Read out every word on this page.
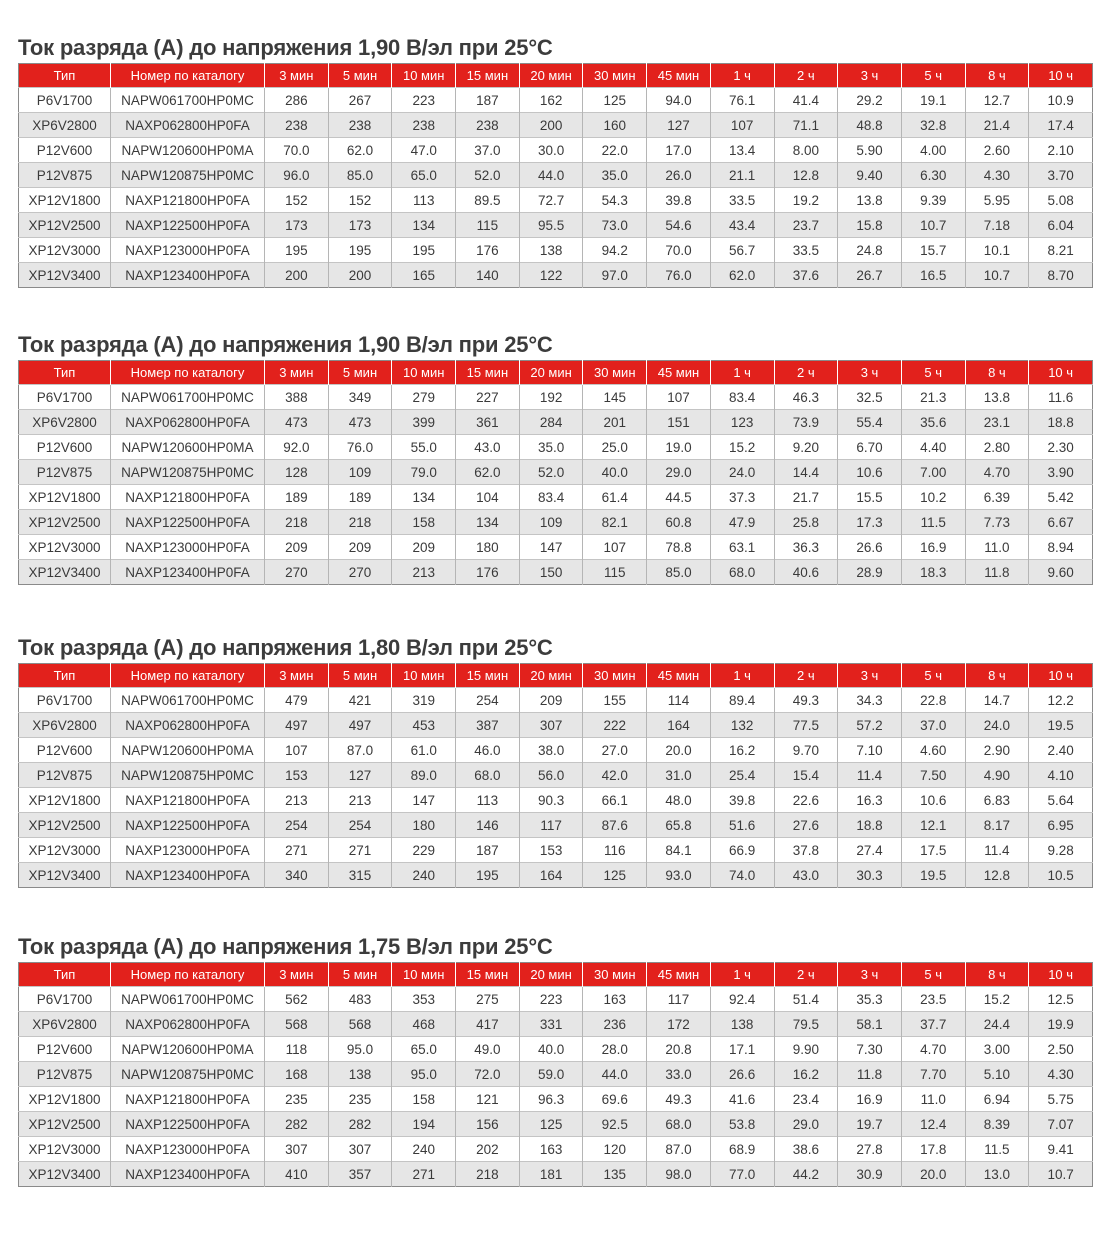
Ток разряда (А) до напряжения 1,90 В/эл при 25°С
Тип	Номер по каталогу	3 мин	5 мин	10 мин	15 мин	20 мин	30 мин	45 мин	1 ч	2 ч	3 ч	5 ч	8 ч	10 ч
P6V1700	NAPW061700HP0MC	286	267	223	187	162	125	94.0	76.1	41.4	29.2	19.1	12.7	10.9
XP6V2800	NAXP062800HP0FA	238	238	238	238	200	160	127	107	71.1	48.8	32.8	21.4	17.4
P12V600	NAPW120600HP0MA	70.0	62.0	47.0	37.0	30.0	22.0	17.0	13.4	8.00	5.90	4.00	2.60	2.10
P12V875	NAPW120875HP0MC	96.0	85.0	65.0	52.0	44.0	35.0	26.0	21.1	12.8	9.40	6.30	4.30	3.70
XP12V1800	NAXP121800HP0FA	152	152	113	89.5	72.7	54.3	39.8	33.5	19.2	13.8	9.39	5.95	5.08
XP12V2500	NAXP122500HP0FA	173	173	134	115	95.5	73.0	54.6	43.4	23.7	15.8	10.7	7.18	6.04
XP12V3000	NAXP123000HP0FA	195	195	195	176	138	94.2	70.0	56.7	33.5	24.8	15.7	10.1	8.21
XP12V3400	NAXP123400HP0FA	200	200	165	140	122	97.0	76.0	62.0	37.6	26.7	16.5	10.7	8.70
Ток разряда (А) до напряжения 1,90 В/эл при 25°С
Тип	Номер по каталогу	3 мин	5 мин	10 мин	15 мин	20 мин	30 мин	45 мин	1 ч	2 ч	3 ч	5 ч	8 ч	10 ч
P6V1700	NAPW061700HP0MC	388	349	279	227	192	145	107	83.4	46.3	32.5	21.3	13.8	11.6
XP6V2800	NAXP062800HP0FA	473	473	399	361	284	201	151	123	73.9	55.4	35.6	23.1	18.8
P12V600	NAPW120600HP0MA	92.0	76.0	55.0	43.0	35.0	25.0	19.0	15.2	9.20	6.70	4.40	2.80	2.30
P12V875	NAPW120875HP0MC	128	109	79.0	62.0	52.0	40.0	29.0	24.0	14.4	10.6	7.00	4.70	3.90
XP12V1800	NAXP121800HP0FA	189	189	134	104	83.4	61.4	44.5	37.3	21.7	15.5	10.2	6.39	5.42
XP12V2500	NAXP122500HP0FA	218	218	158	134	109	82.1	60.8	47.9	25.8	17.3	11.5	7.73	6.67
XP12V3000	NAXP123000HP0FA	209	209	209	180	147	107	78.8	63.1	36.3	26.6	16.9	11.0	8.94
XP12V3400	NAXP123400HP0FA	270	270	213	176	150	115	85.0	68.0	40.6	28.9	18.3	11.8	9.60
Ток разряда (А) до напряжения 1,80 В/эл при 25°С
Тип	Номер по каталогу	3 мин	5 мин	10 мин	15 мин	20 мин	30 мин	45 мин	1 ч	2 ч	3 ч	5 ч	8 ч	10 ч
P6V1700	NAPW061700HP0MC	479	421	319	254	209	155	114	89.4	49.3	34.3	22.8	14.7	12.2
XP6V2800	NAXP062800HP0FA	497	497	453	387	307	222	164	132	77.5	57.2	37.0	24.0	19.5
P12V600	NAPW120600HP0MA	107	87.0	61.0	46.0	38.0	27.0	20.0	16.2	9.70	7.10	4.60	2.90	2.40
P12V875	NAPW120875HP0MC	153	127	89.0	68.0	56.0	42.0	31.0	25.4	15.4	11.4	7.50	4.90	4.10
XP12V1800	NAXP121800HP0FA	213	213	147	113	90.3	66.1	48.0	39.8	22.6	16.3	10.6	6.83	5.64
XP12V2500	NAXP122500HP0FA	254	254	180	146	117	87.6	65.8	51.6	27.6	18.8	12.1	8.17	6.95
XP12V3000	NAXP123000HP0FA	271	271	229	187	153	116	84.1	66.9	37.8	27.4	17.5	11.4	9.28
XP12V3400	NAXP123400HP0FA	340	315	240	195	164	125	93.0	74.0	43.0	30.3	19.5	12.8	10.5
Ток разряда (А) до напряжения 1,75 В/эл при 25°С
Тип	Номер по каталогу	3 мин	5 мин	10 мин	15 мин	20 мин	30 мин	45 мин	1 ч	2 ч	3 ч	5 ч	8 ч	10 ч
P6V1700	NAPW061700HP0MC	562	483	353	275	223	163	117	92.4	51.4	35.3	23.5	15.2	12.5
XP6V2800	NAXP062800HP0FA	568	568	468	417	331	236	172	138	79.5	58.1	37.7	24.4	19.9
P12V600	NAPW120600HP0MA	118	95.0	65.0	49.0	40.0	28.0	20.8	17.1	9.90	7.30	4.70	3.00	2.50
P12V875	NAPW120875HP0MC	168	138	95.0	72.0	59.0	44.0	33.0	26.6	16.2	11.8	7.70	5.10	4.30
XP12V1800	NAXP121800HP0FA	235	235	158	121	96.3	69.6	49.3	41.6	23.4	16.9	11.0	6.94	5.75
XP12V2500	NAXP122500HP0FA	282	282	194	156	125	92.5	68.0	53.8	29.0	19.7	12.4	8.39	7.07
XP12V3000	NAXP123000HP0FA	307	307	240	202	163	120	87.0	68.9	38.6	27.8	17.8	11.5	9.41
XP12V3400	NAXP123400HP0FA	410	357	271	218	181	135	98.0	77.0	44.2	30.9	20.0	13.0	10.7
